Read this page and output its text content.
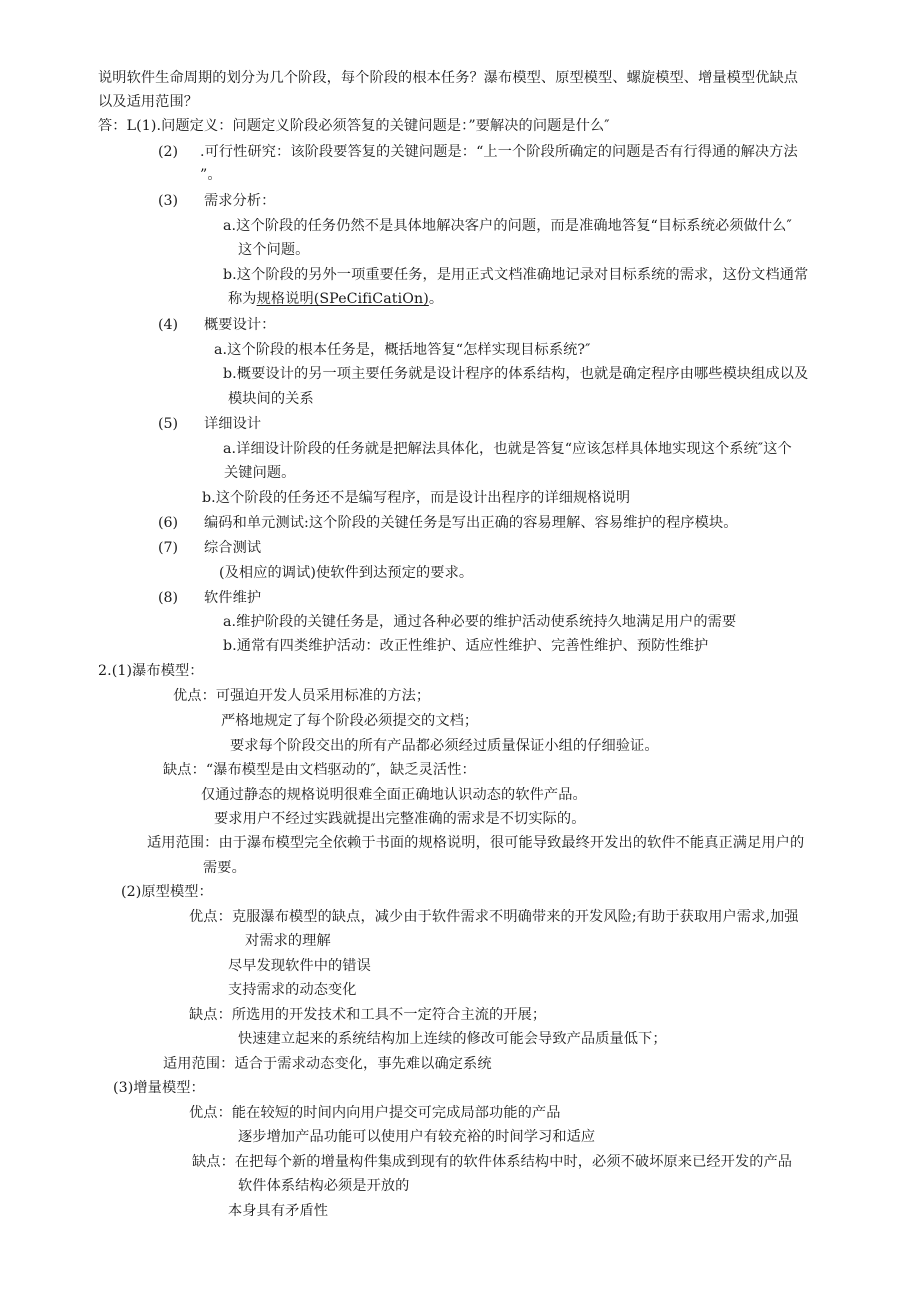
说明软件生命周期的划分为几个阶段，每个阶段的根本任务？瀑布模型、原型模型、螺旋模型、增量模型优缺点
以及适用范围？
答：L(1).问题定义：问题定义阶段必须答复的关键问题是：”要解决的问题是什么″
(2) .可行性研究：该阶段要答复的关键问题是：“上一个阶段所确定的问题是否有行得通的解决方法
”。
(3) 需求分析：
a.这个阶段的任务仍然不是具体地解决客户的问题，而是准确地答复“目标系统必须做什么″
这个问题。
b.这个阶段的另外一项重要任务，是用正式文档准确地记录对目标系统的需求，这份文档通常
称为规格说明(SPeCifiCatiOn)。
(4) 概要设计：
a.这个阶段的根本任务是，概括地答复“怎样实现目标系统?″
b.概要设计的另一项主要任务就是设计程序的体系结构，也就是确定程序由哪些模块组成以及
模块间的关系
(5) 详细设计
a.详细设计阶段的任务就是把解法具体化，也就是答复“应该怎样具体地实现这个系统″这个
关键问题。
b.这个阶段的任务还不是编写程序，而是设计出程序的详细规格说明
(6) 编码和单元测试:这个阶段的关键任务是写出正确的容易理解、容易维护的程序模块。
(7) 综合测试
(及相应的调试)使软件到达预定的要求。
(8) 软件维护
a.维护阶段的关键任务是，通过各种必要的维护活动使系统持久地满足用户的需要
b.通常有四类维护活动：改正性维护、适应性维护、完善性维护、预防性维护
2.(1)瀑布模型：
优点：可强迫开发人员采用标准的方法；
严格地规定了每个阶段必须提交的文档；
要求每个阶段交出的所有产品都必须经过质量保证小组的仔细验证。
缺点：“瀑布模型是由文档驱动的″，缺乏灵活性：
仅通过静态的规格说明很难全面正确地认识动态的软件产品。
要求用户不经过实践就提出完整准确的需求是不切实际的。
适用范围：由于瀑布模型完全依赖于书面的规格说明，很可能导致最终开发出的软件不能真正满足用户的
需要。
(2)原型模型：
优点：克服瀑布模型的缺点，减少由于软件需求不明确带来的开发风险;有助于获取用户需求,加强
对需求的理解
尽早发现软件中的错误
支持需求的动态变化
缺点：所选用的开发技术和工具不一定符合主流的开展；
快速建立起来的系统结构加上连续的修改可能会导致产品质量低下；
适用范围：适合于需求动态变化，事先难以确定系统
(3)增量模型：
优点：能在较短的时间内向用户提交可完成局部功能的产品
逐步增加产品功能可以使用户有较充裕的时间学习和适应
缺点：在把每个新的增量构件集成到现有的软件体系结构中时，必须不破坏原来已经开发的产品
软件体系结构必须是开放的
本身具有矛盾性
